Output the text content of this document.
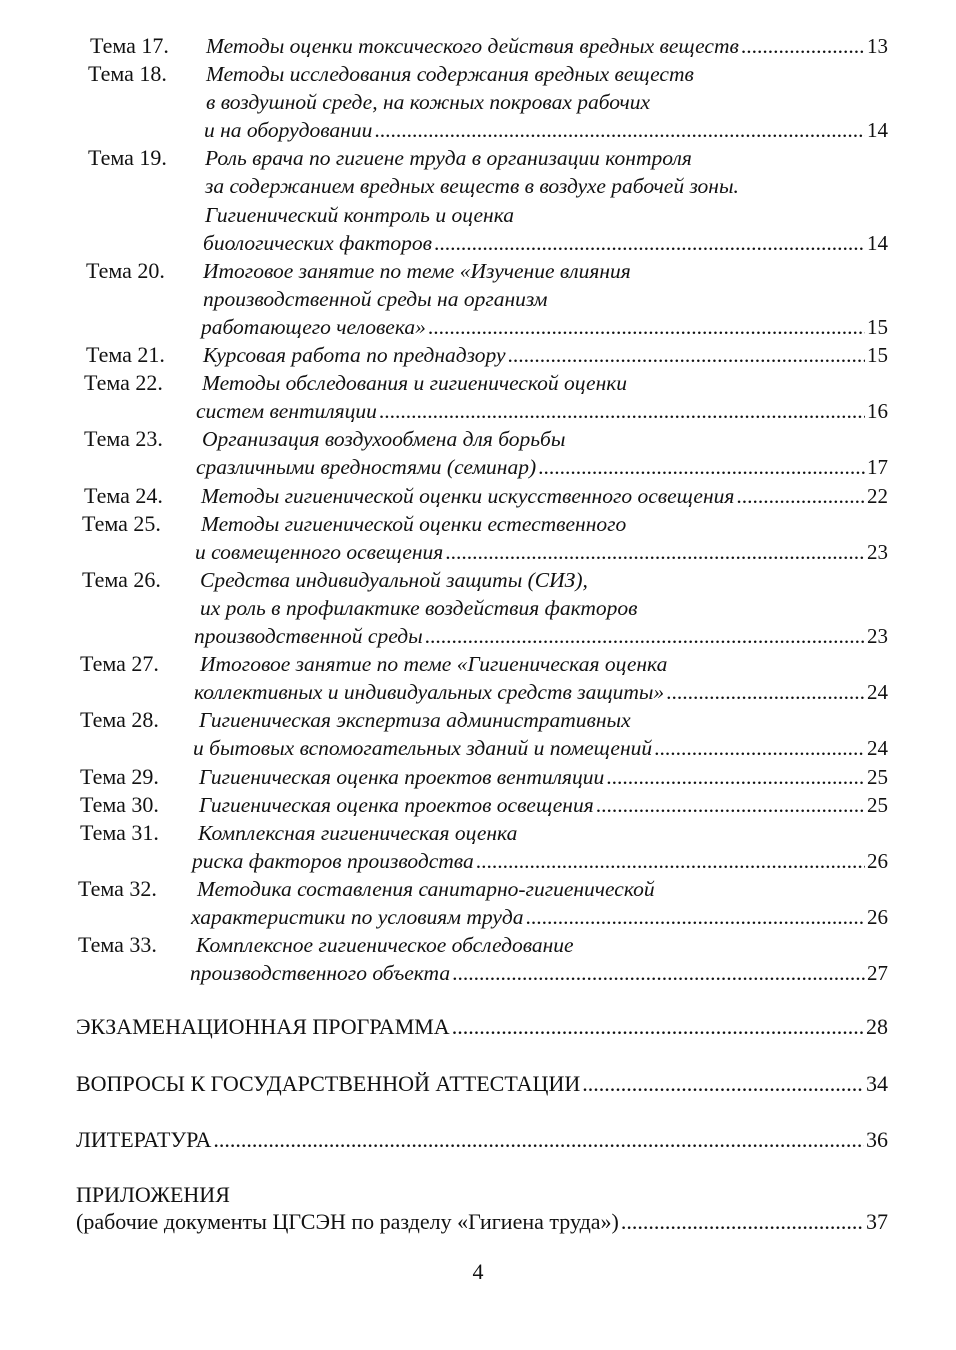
Тема 17. Методы оценки токсического действия вредных веществ .....	13
Тема 18. Методы исследования содержания вредных веществ
в воздушной среде, на кожных покровах рабочих
и на оборудовании .....	14
Тема 19. Роль врача по гигиене труда в организации контроля
за содержанием вредных веществ в воздухе рабочей зоны.
Гигиенический контроль и оценка
биологических факторов .....	14
Тема 20. Итоговое занятие по теме «Изучение влияния
производственной среды на организм
работающего человека» .....	15
Тема 21. Курсовая работа по преднадзору .....	15
Тема 22. Методы обследования и гигиенической оценки
систем вентиляции .....	16
Тема 23. Организация воздухообмена для борьбы
сразличными вредностями (семинар) .....	17
Тема 24. Методы гигиенической оценки искусственного освещения .....	22
Тема 25. Методы гигиенической оценки естественного
и совмещенного освещения .....	23
Тема 26. Средства индивидуальной защиты (СИЗ),
их роль в профилактике воздействия факторов
производственной среды .....	23
Тема 27. Итоговое занятие по теме «Гигиеническая оценка
коллективных и индивидуальных средств защиты» .....	24
Тема 28. Гигиеническая экспертиза административных
и бытовых вспомогательных зданий и помещений .....	24
Тема 29. Гигиеническая оценка проектов вентиляции .....	25
Тема 30. Гигиеническая оценка проектов освещения .....	25
Тема 31. Комплексная гигиеническая оценка
риска факторов производства .....	26
Тема 32. Методика составления санитарно-гигиенической
характеристики по условиям труда .....	26
Тема 33. Комплексное гигиеническое обследование
производственного объекта .....	27
ЭКЗАМЕНАЦИОННАЯ ПРОГРАММА .....	28
ВОПРОСЫ К ГОСУДАРСТВЕННОЙ АТТЕСТАЦИИ .....	34
ЛИТЕРАТУРА .....	36
ПРИЛОЖЕНИЯ
(рабочие документы ЦГСЭН по разделу «Гигиена труда») .....	37
4
